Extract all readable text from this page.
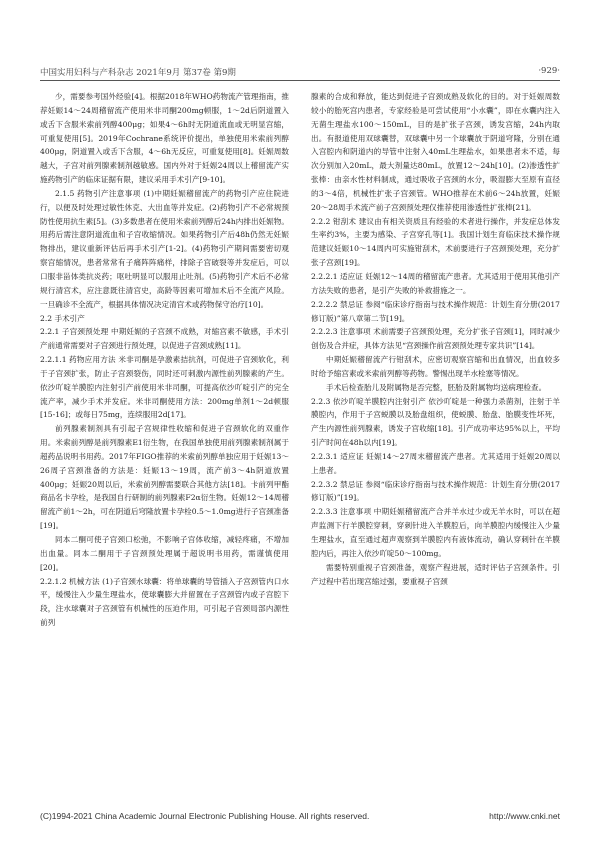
中国实用妇科与产科杂志 2021年9月 第37卷 第9期	·929·

少，需要参考国外经验[4]。根据2018年WHO药物流产管理指南，推荐妊娠14～24周稽留流产使用米非司酮200mg顿服，1～2d后阴道置入或舌下含服米索前列醇400μg；如果4～6h时无阴道流血或无明显宫缩，可重复使用[5]。2019年Cochrane系统评价提出，单独使用米索前列醇400μg，阴道置入或舌下含服，4～6h无反应，可重复使用[8]。妊娠周数越大，子宫对前列腺素制剂越敏感。国内外对于妊娠24周以上稽留流产实施药物引产的临床证据有限，建议采用手术引产[9-10]。

2.1.5 药物引产注意事项 (1)中期妊娠稽留流产的药物引产应住院进行，以便及时处理过敏性休克、大出血等并发症。(2)药物引产不必常规预防性使用抗生素[5]。(3)多数患者在使用米索前列醇后24h内排出妊娠物。用药后需注意阴道流血和子宫收缩情况。如果药物引产后48h仍然无妊娠物排出，建议重新评估后再手术引产[1-2]。(4)药物引产期间需要密切观察宫缩情况，患者常常有子痛阵阵痛样，排除子宫破裂等并发症后，可以口服非甾体类抗炎药；呕吐明显可以服用止吐剂。(5)药物引产术后不必常规行清宫术，应注意既往清宫史，高龄等因素可增加术后不全流产风险。一旦确诊不全流产，根据具体情况决定清宫术或药物保守治疗[10]。

2.2 手术引产

2.2.1 子宫颈预处理 中期妊娠的子宫颈不成熟，对缩宫素不敏感，手术引产前通常需要对子宫颈进行预处理，以促进子宫颈成熟[11]。

2.2.1.1 药物应用方法 米非司酮是孕激素拮抗剂，可促进子宫颈软化，利于子宫颈扩张，防止子宫颈裂伤，同时还可刺激内源性前列腺素的产生。依沙吖啶羊膜腔内注射引产前使用米非司酮，可提高依沙吖啶引产的完全流产率，减少手术并发症。米非司酮使用方法：200mg单剂1～2d顿服[15-16]；或每日75mg，连续服用2d[17]。

前列腺素制剂具有引起子宫规律性收缩和促进子宫颈软化的双重作用。米索前列醇是前列腺素E1衍生物，在我国单独使用前列腺素制剂属于超药品说明书用药。2017年FIGO推荐的米索前列醇单独应用于妊娠13～26周子宫颈准备的方法是：妊娠13～19周，流产前3～4h阴道放置400μg；妊娠20周以后，米索前列醇需要联合其他方法[18]。卡前列甲酯商品名卡孕栓，是我国自行研制的前列腺素F2α衍生物。妊娠12～14周稽留流产前1～2h，可在阴道后穹隆放置卡孕栓0.5～1.0mg进行子宫颈准备[19]。

同本二酮可使子宫颈口松弛，不影响子宫体收缩，减轻疼痛，不增加出血量。同本二酮用于子宫颈预处理属于超说明书用药，需谨慎使用[20]。

2.2.1.2 机械方法 (1)子宫颈水球囊：将单球囊的导管插入子宫颈管内口水平，缓慢注入少量生理盐水，使球囊膨大并留置在子宫颈管内或子宫腔下段，注水球囊对子宫颈管有机械性的压迫作用，可引起子宫颈局部内源性前列

腺素的合成和释放，能达到促进子宫颈成熟及软化的目的。对于妊娠周数较小的胎死宫内患者，专家经验是可尝试使用“小水囊”，即在水囊内注入无菌生理盐水100～150mL，目的是扩张子宫颈，诱发宫缩，24h内取出。有报道使用双球囊替，双球囊中另一个球囊放于阴道穹隆，分别在通入宫腔内和阴道内的导管中注射入40mL生理盐水，如果患者未不适，每次分别加入20mL，最大剂量达80mL，放置12～24h[10]。(2)渗透性扩张棒：由亲水性材料制成，通过吸收子宫颈的水分，吸湿膨大至原有直径的3～4倍，机械性扩张子宫颈管。WHO推荐在术前6～24h放置，妊娠20～28周手术流产前子宫颈预处理仅推荐使用渗透性扩张棒[21]。

2.2.2 钳刮术 建议由有相关资质且有经验的术者进行操作，并发症总体发生率约3%，主要为感染、子宫穿孔等[1]。我国计划生育临床技术操作规范建议妊娠10～14周内可实施钳刮术，术前要进行子宫颈预处理，充分扩张子宫颈[19]。

2.2.2.1 适应证 妊娠12～14周的稽留流产患者。尤其适用于使用其他引产方法失败的患者，是引产失败的补救措施之一。

2.2.2.2 禁忌证 参阅“临床诊疗指南与技术操作规范：计划生育分册(2017修订版)”第八章第二节[19]。

2.2.2.3 注意事项 术前需要子宫颈预处理，充分扩张子宫颈[1]，同时减少创伤及合并症，具体方法见“宫颈操作前宫颈预处理专家共识”[14]。

中期妊娠稽留流产行钳刮术，应密切观察宫缩和出血情况，出血较多时给予缩宫素或米索前列醇等药物。警惕出现羊水栓塞等情况。

手术后检查胎儿及附属物是否完整，胚胎及附属物均送病理检查。

2.2.3 依沙吖啶羊膜腔内注射引产 依沙吖啶是一种强力杀菌剂，注射于羊膜腔内，作用于子宫蜕膜以及胎盘组织，使蜕膜、胎盘、胎膜变性坏死，产生内源性前列腺素，诱发子宫收缩[18]。引产成功率达95%以上，平均引产时间在48h以内[19]。

2.2.3.1 适应证 妊娠14～27周末稽留流产患者。尤其适用于妊娠20周以上患者。

2.2.3.2 禁忌证 参阅“临床诊疗指南与技术操作规范：计划生育分册(2017修订版)”[19]。

2.2.3.3 注意事项 中期妊娠稽留流产合并羊水过少或无羊水时，可以在超声监测下行羊膜腔穿刺，穿刺针进入羊膜腔后，向羊膜腔内缓慢注入少量生理盐水，直至通过超声观察到羊膜腔内有液体流动，确认穿刺针在羊膜腔内后，再注入依沙吖啶50～100mg。

需要特别重视子宫颈准备，观察产程进展，适时评估子宫颈条件。引产过程中若出现宫缩过强，要重视子宫颈

(C)1994-2021 China Academic Journal Electronic Publishing House. All rights reserved.	http://www.cnki.net
